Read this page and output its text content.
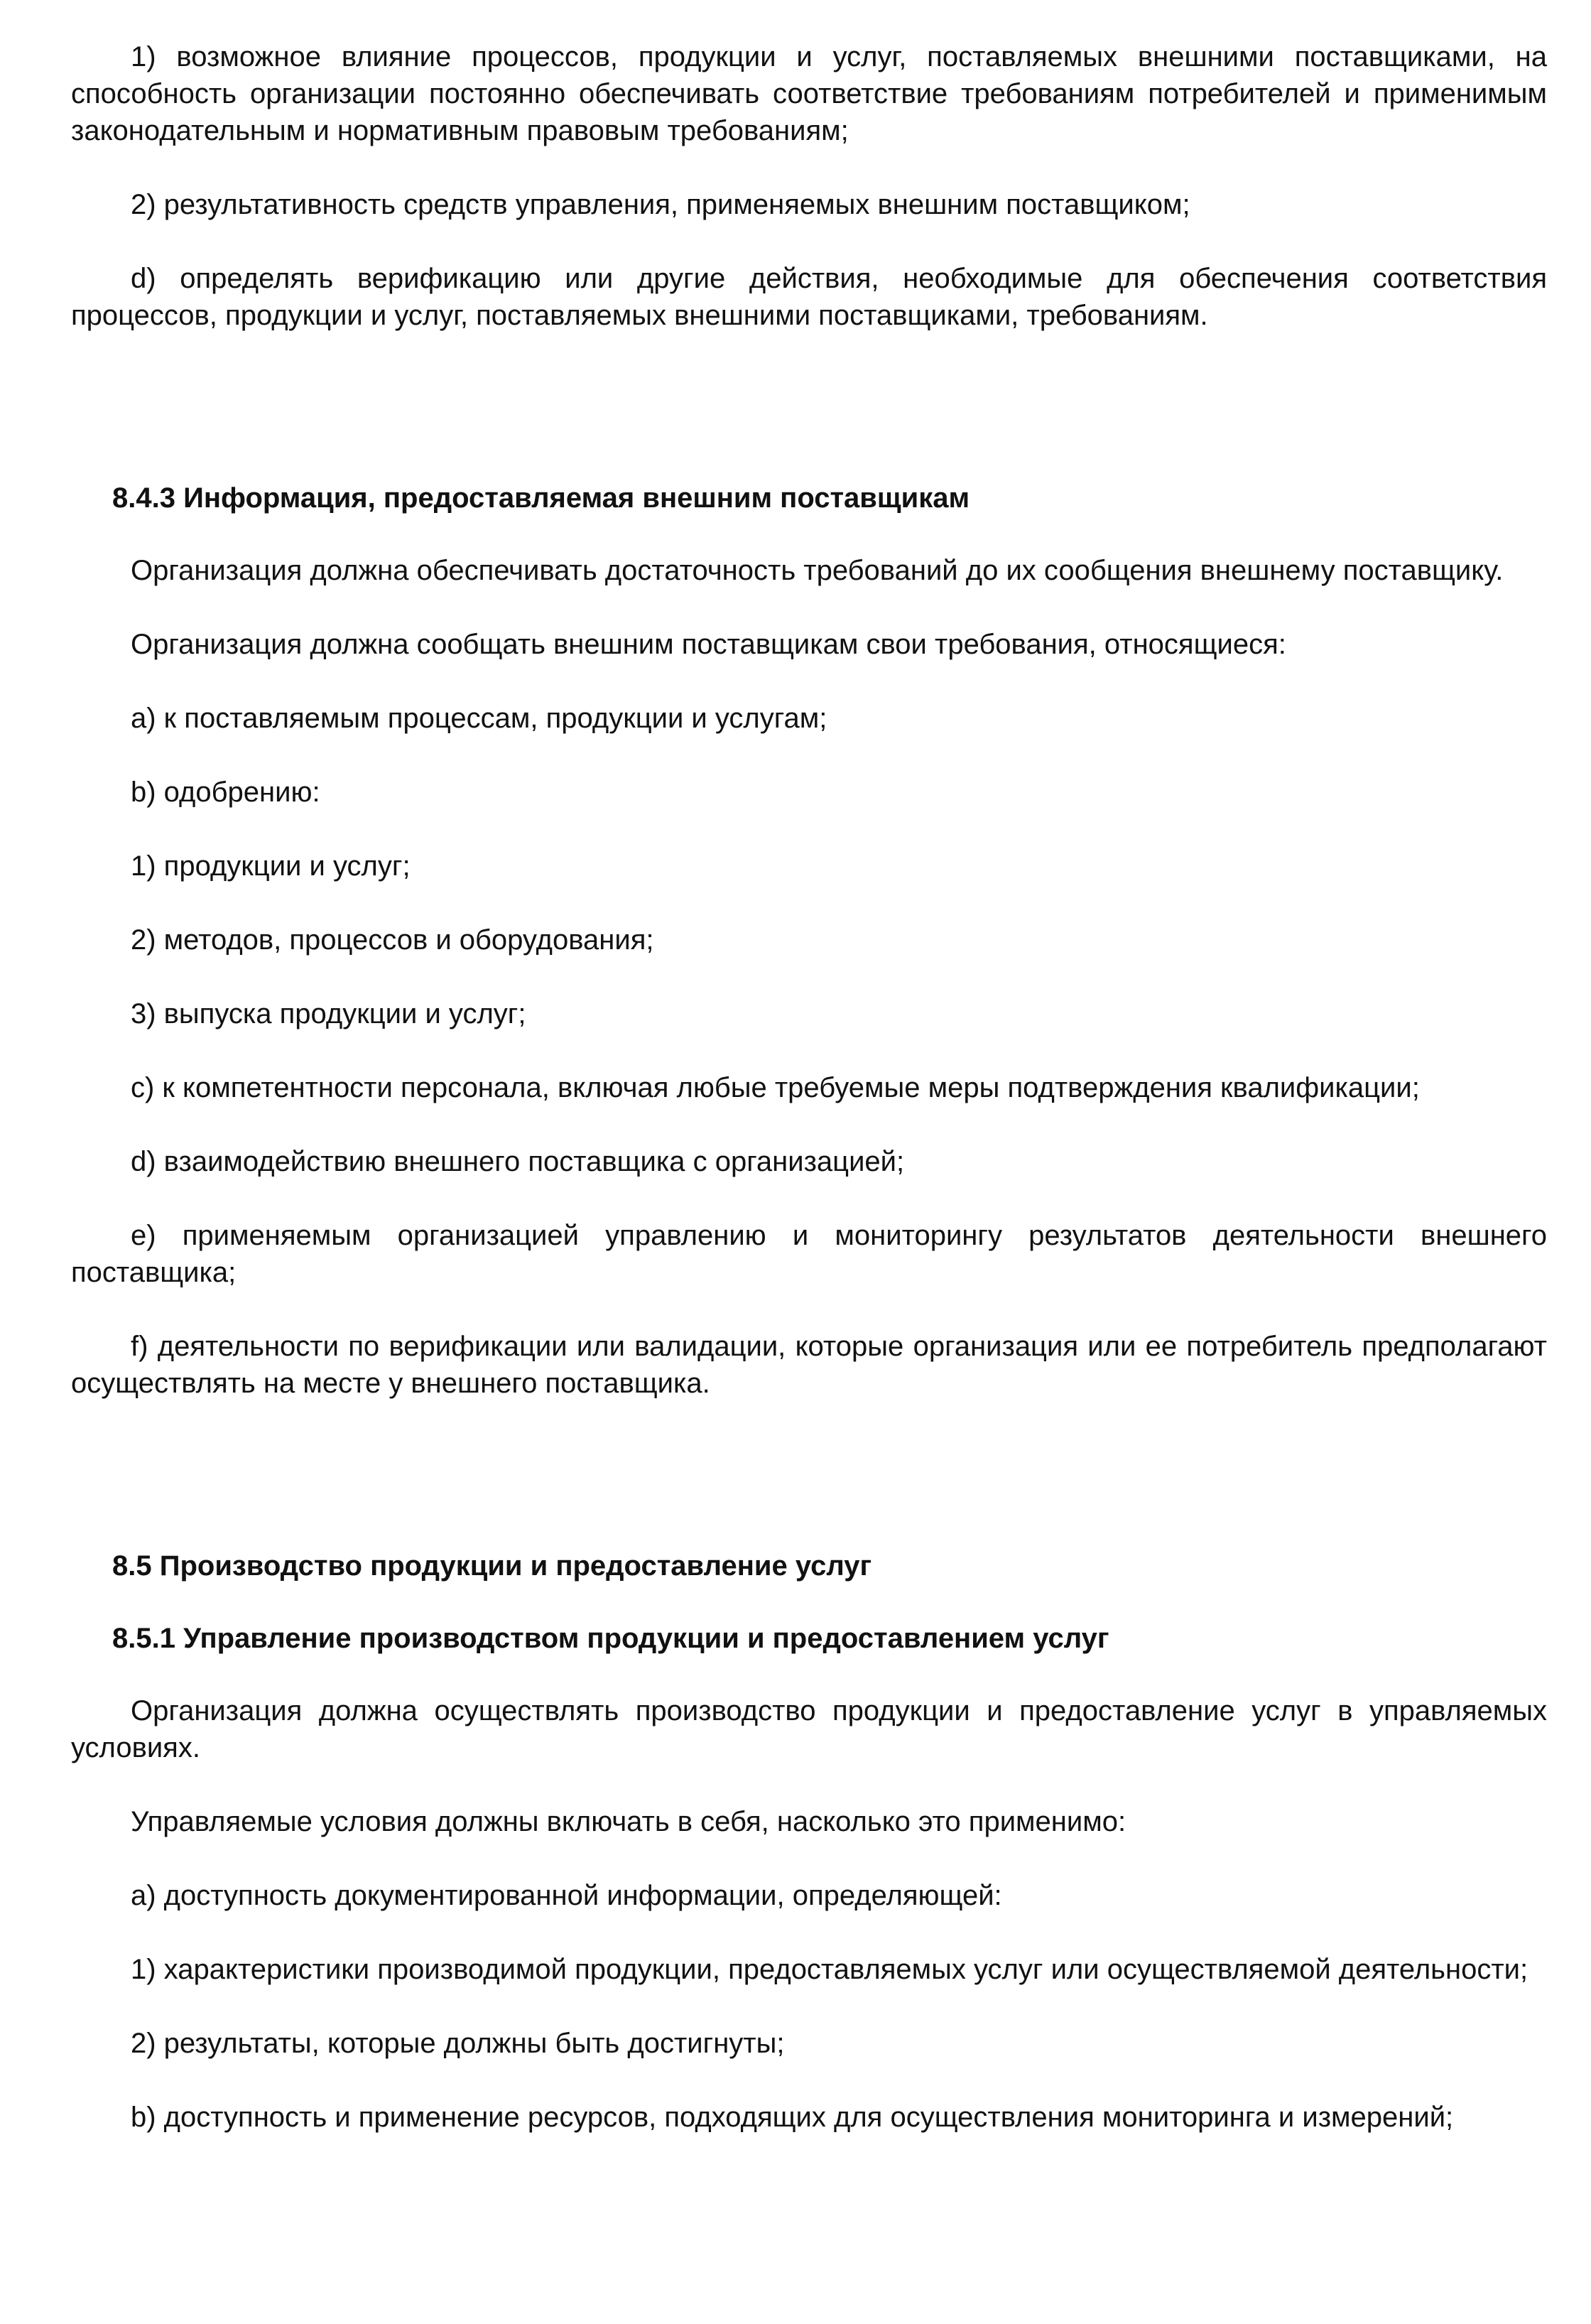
1) возможное влияние процессов, продукции и услуг, поставляемых внешними поставщиками, на способность организации постоянно обеспечивать соответствие требованиям потребителей и применимым законодательным и нормативным правовым требованиям;

2) результативность средств управления, применяемых внешним поставщиком;

d) определять верификацию или другие действия, необходимые для обеспечения соответствия процессов, продукции и услуг, поставляемых внешними поставщиками, требованиям.

8.4.3 Информация, предоставляемая внешним поставщикам

Организация должна обеспечивать достаточность требований до их сообщения внешнему поставщику.

Организация должна сообщать внешним поставщикам свои требования, относящиеся:

a) к поставляемым процессам, продукции и услугам;

b) одобрению:

1) продукции и услуг;

2) методов, процессов и оборудования;

3) выпуска продукции и услуг;

c) к компетентности персонала, включая любые требуемые меры подтверждения квалификации;

d) взаимодействию внешнего поставщика с организацией;

e) применяемым организацией управлению и мониторингу результатов деятельности внешнего поставщика;

f) деятельности по верификации или валидации, которые организация или ее потребитель предполагают осуществлять на месте у внешнего поставщика.

8.5 Производство продукции и предоставление услуг
8.5.1 Управление производством продукции и предоставлением услуг

Организация должна осуществлять производство продукции и предоставление услуг в управляемых условиях.

Управляемые условия должны включать в себя, насколько это применимо:

a) доступность документированной информации, определяющей:

1) характеристики производимой продукции, предоставляемых услуг или осуществляемой деятельности;

2) результаты, которые должны быть достигнуты;

b) доступность и применение ресурсов, подходящих для осуществления мониторинга и измерений;
